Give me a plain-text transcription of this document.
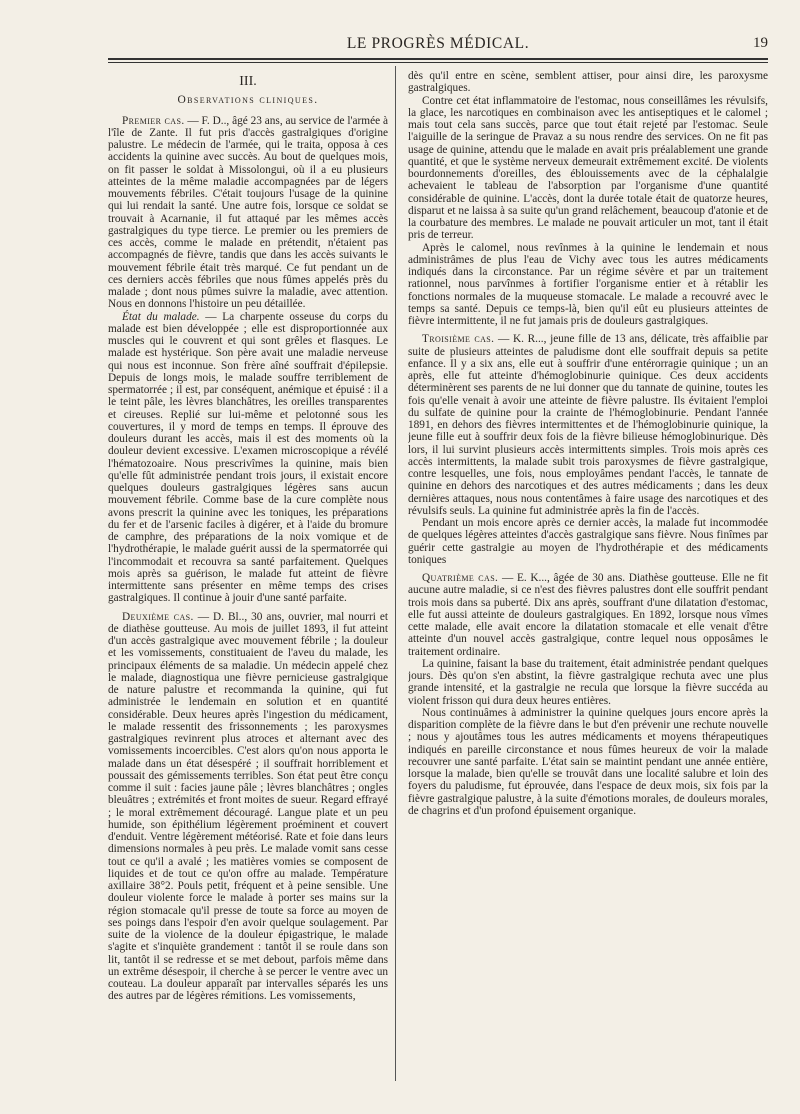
LE PROGRÈS MÉDICAL.	19
III.
Observations cliniques.

Premier cas. — F. D.., âgé 23 ans, au service de l'armée à l'île de Zante. Il fut pris d'accès gastralgiques d'origine palustre. Le médecin de l'armée, qui le traita, opposa à ces accidents la quinine avec succès. Au bout de quelques mois, on fit passer le soldat à Missolongui, où il a eu plusieurs atteintes de la même maladie accompagnées par de légers mouvements fébriles. C'était toujours l'usage de la quinine qui lui rendait la santé. Une autre fois, lorsque ce soldat se trouvait à Acarnanie, il fut attaqué par les mêmes accès gastralgiques du type tierce. Le premier ou les premiers de ces accès, comme le malade en prétendit, n'étaient pas accompagnés de fièvre, tandis que dans les accès suivants le mouvement fébrile était très marqué. Ce fut pendant un de ces derniers accès fébriles que nous fûmes appelés près du malade ; dont nous pûmes suivre la maladie, avec attention. Nous en donnons l'histoire un peu détaillée.

État du malade. — La charpente osseuse du corps du malade est bien développée ; elle est disproportionnée aux muscles qui le couvrent et qui sont grêles et flasques. Le malade est hystérique. Son père avait une maladie nerveuse qui nous est inconnue. Son frère aîné souffrait d'épilepsie. Depuis de longs mois, le malade souffre terriblement de spermatorrée ; il est, par conséquent, anémique et épuisé : il a le teint pâle, les lèvres blanchâtres, les oreilles transparentes et cireuses. Replié sur lui-même et pelotonné sous les couvertures, il y mord de temps en temps. Il éprouve des douleurs durant les accès, mais il est des moments où la douleur devient excessive. L'examen microscopique a révélé l'hématozoaire. Nous prescrivîmes la quinine, mais bien qu'elle fût administrée pendant trois jours, il existait encore quelques douleurs gastralgiques légères sans aucun mouvement fébrile. Comme base de la cure complète nous avons prescrit la quinine avec les toniques, les préparations du fer et de l'arsenic faciles à digérer, et à l'aide du bromure de camphre, des préparations de la noix vomique et de l'hydrothérapie, le malade guérit aussi de la spermatorrée qui l'incommodait et recouvra sa santé parfaitement. Quelques mois après sa guérison, le malade fut atteint de fièvre intermittente sans présenter en même temps des crises gastralgiques. Il continue à jouir d'une santé parfaite.

Deuxième cas. — D. Bl.., 30 ans, ouvrier, mal nourri et de diathèse goutteuse. Au mois de juillet 1893, il fut atteint d'un accès gastralgique avec mouvement fébrile ; la douleur et les vomissements, constituaient de l'aveu du malade, les principaux éléments de sa maladie. Un médecin appelé chez le malade, diagnostiqua une fièvre pernicieuse gastralgique de nature palustre et recommanda la quinine, qui fut administrée le lendemain en solution et en quantité considérable. Deux heures après l'ingestion du médicament, le malade ressentit des frissonnements ; les paroxysmes gastralgiques revinrent plus atroces et alternant avec des vomissements incoercibles. C'est alors qu'on nous apporta le malade dans un état désespéré ; il souffrait horriblement et poussait des gémissements terribles. Son état peut être conçu comme il suit : facies jaune pâle ; lèvres blanchâtres ; ongles bleuâtres ; extrémités et front moites de sueur. Regard effrayé ; le moral extrêmement découragé. Langue plate et un peu humide, son épithélium légèrement proéminent et couvert d'enduit. Ventre légèrement météorisé. Rate et foie dans leurs dimensions normales à peu près. Le malade vomit sans cesse tout ce qu'il a avalé ; les matières vomies se composent de liquides et de tout ce qu'on offre au malade. Température axillaire 38°2. Pouls petit, fréquent et à peine sensible. Une douleur violente force le malade à porter ses mains sur la région stomacale qu'il presse de toute sa force au moyen de ses poings dans l'espoir d'en avoir quelque soulagement. Par suite de la violence de la douleur épigastrique, le malade s'agite et s'inquiète grandement : tantôt il se roule dans son lit, tantôt il se redresse et se met debout, parfois même dans un extrême désespoir, il cherche à se percer le ventre avec un couteau. La douleur apparaît par intervalles séparés les uns des autres par de légères rémitions. Les vomissements,

dès qu'il entre en scène, semblent attiser, pour ainsi dire, les paroxysme gastralgiques.

Contre cet état inflammatoire de l'estomac, nous conseillâmes les révulsifs, la glace, les narcotiques en combinaison avec les antiseptiques et le calomel ; mais tout cela sans succès, parce que tout était rejeté par l'estomac. Seule l'aiguille de la seringue de Pravaz a su nous rendre des services. On ne fit pas usage de quinine, attendu que le malade en avait pris préalablement une grande quantité, et que le système nerveux demeurait extrêmement excité. De violents bourdonnements d'oreilles, des éblouissements avec de la céphalalgie achevaient le tableau de l'absorption par l'organisme d'une quantité considérable de quinine. L'accès, dont la durée totale était de quatorze heures, disparut et ne laissa à sa suite qu'un grand relâchement, beaucoup d'atonie et de la courbature des membres. Le malade ne pouvait articuler un mot, tant il était pris de terreur.

Après le calomel, nous revînmes à la quinine le lendemain et nous administrâmes de plus l'eau de Vichy avec tous les autres médicaments indiqués dans la circonstance. Par un régime sévère et par un traitement rationnel, nous parvînmes à fortifier l'organisme entier et à rétablir les fonctions normales de la muqueuse stomacale. Le malade a recouvré avec le temps sa santé. Depuis ce temps-là, bien qu'il eût eu plusieurs atteintes de fièvre intermittente, il ne fut jamais pris de douleurs gastralgiques.

Troisième cas. — K. R..., jeune fille de 13 ans, délicate, très affaiblie par suite de plusieurs atteintes de paludisme dont elle souffrait depuis sa petite enfance. Il y a six ans, elle eut à souffrir d'une entérorragie quinique ; un an après, elle fut atteinte d'hémoglobinurie quinique. Ces deux accidents déterminèrent ses parents de ne lui donner que du tannate de quinine, toutes les fois qu'elle venait à avoir une atteinte de fièvre palustre. Ils évitaient l'emploi du sulfate de quinine pour la crainte de l'hémoglobinurie. Pendant l'année 1891, en dehors des fièvres intermittentes et de l'hémoglobinurie quinique, la jeune fille eut à souffrir deux fois de la fièvre bilieuse hémoglobinurique. Dès lors, il lui survint plusieurs accès intermittents simples. Trois mois après ces accès intermittents, la malade subit trois paroxysmes de fièvre gastralgique, contre lesquelles, une fois, nous employâmes pendant l'accès, le tannate de quinine en dehors des narcotiques et des autres médicaments ; dans les deux dernières attaques, nous nous contentâmes à faire usage des narcotiques et des révulsifs seuls. La quinine fut administrée après la fin de l'accès.

Pendant un mois encore après ce dernier accès, la malade fut incommodée de quelques légères atteintes d'accès gastralgique sans fièvre. Nous finîmes par guérir cette gastralgie au moyen de l'hydrothérapie et des médicaments toniques

Quatrième cas. — E. K..., âgée de 30 ans. Diathèse goutteuse. Elle ne fit aucune autre maladie, si ce n'est des fièvres palustres dont elle souffrit pendant trois mois dans sa puberté. Dix ans après, souffrant d'une dilatation d'estomac, elle fut aussi atteinte de douleurs gastralgiques. En 1892, lorsque nous vîmes cette malade, elle avait encore la dilatation stomacale et elle venait d'être atteinte d'un nouvel accès gastralgique, contre lequel nous opposâmes le traitement ordinaire.

La quinine, faisant la base du traitement, était administrée pendant quelques jours. Dès qu'on s'en abstint, la fièvre gastralgique rechuta avec une plus grande intensité, et la gastralgie ne recula que lorsque la fièvre succéda au violent frisson qui dura deux heures entières.

Nous continuâmes à administrer la quinine quelques jours encore après la disparition complète de la fièvre dans le but d'en prévenir une rechute nouvelle ; nous y ajoutâmes tous les autres médicaments et moyens thérapeutiques indiqués en pareille circonstance et nous fûmes heureux de voir la malade recouvrer une santé parfaite. L'état sain se maintint pendant une année entière, lorsque la malade, bien qu'elle se trouvât dans une localité salubre et loin des foyers du paludisme, fut éprouvée, dans l'espace de deux mois, six fois par la fièvre gastralgique palustre, à la suite d'émotions morales, de douleurs morales, de chagrins et d'un profond épuisement organique.
